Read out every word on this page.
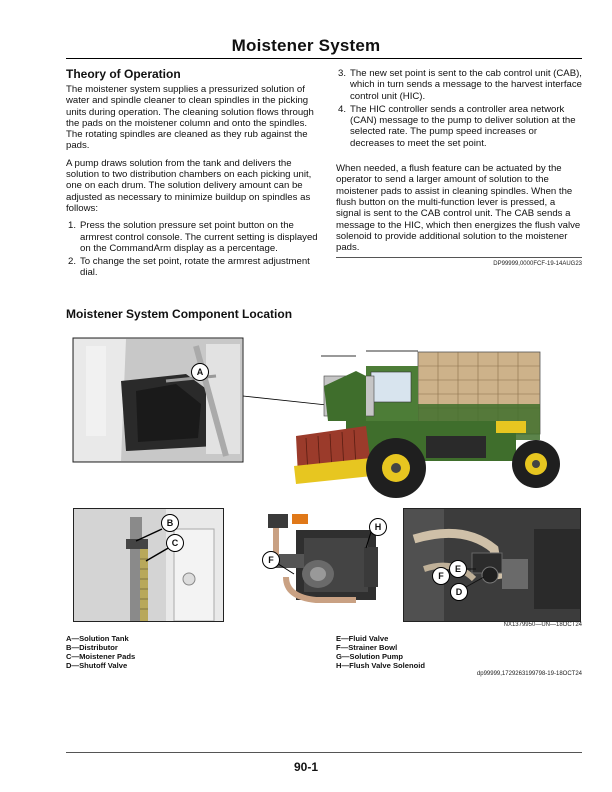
Moistener System
Theory of Operation

The moistener system supplies a pressurized solution of water and spindle cleaner to clean spindles in the picking units during operation. The cleaning solution flows through the pads on the moistener column and onto the spindles. The rotating spindles are cleaned as they rub against the pads.

A pump draws solution from the tank and delivers the solution to two distribution chambers on each picking unit, one on each drum. The solution delivery amount can be adjusted as necessary to minimize buildup on spindles as follows:

1. Press the solution pressure set point button on the armrest control console. The current setting is displayed on the CommandArm display as a percentage.
2. To change the set point, rotate the armrest adjustment dial.
3. The new set point is sent to the cab control unit (CAB), which in turn sends a message to the harvest interface control unit (HIC).
4. The HIC controller sends a controller area network (CAN) message to the pump to deliver solution at the selected rate. The pump speed increases or decreases to meet the set point.

When needed, a flush feature can be actuated by the operator to send a larger amount of solution to the moistener pads to assist in cleaning spindles. When the flush button on the multi-function lever is pressed, a signal is sent to the CAB control unit. The CAB sends a message to the HIC, which then energizes the flush valve solenoid to provide additional solution to the moistener pads.

DP99999,0000FCF-19-14AUG23
Moistener System Component Location
A
B
C
H
F
E
F
D
NX1379950—UN—18OCT24
A—Solution Tank
B—Distributor
C—Moistener Pads
D—Shutoff Valve
E—Fluid Valve
F—Strainer Bowl
G—Solution Pump
H—Flush Valve Solenoid
dp99999,1729263199798-19-18OCT24
90-1
